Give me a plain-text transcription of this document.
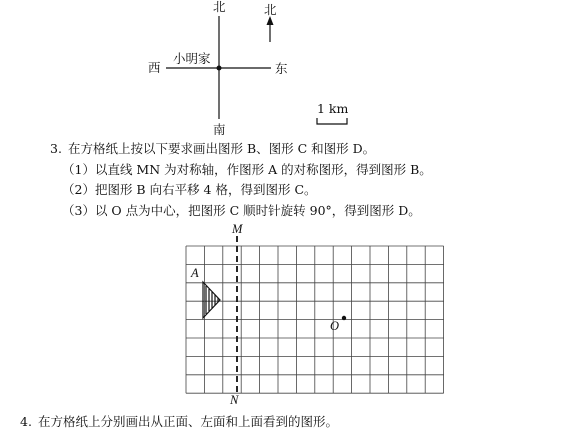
北
南
东
西
小明家
北
1 km
3. 在方格纸上按以下要求画出图形 B、图形 C 和图形 D。
（1）以直线 MN 为对称轴，作图形 A 的对称图形，得到图形 B。
（2）把图形 B 向右平移 4 格，得到图形 C。
（3）以 O 点为中心，把图形 C 顺时针旋转 90°，得到图形 D。
M
N
A
O
4. 在方格纸上分别画出从正面、左面和上面看到的图形。
